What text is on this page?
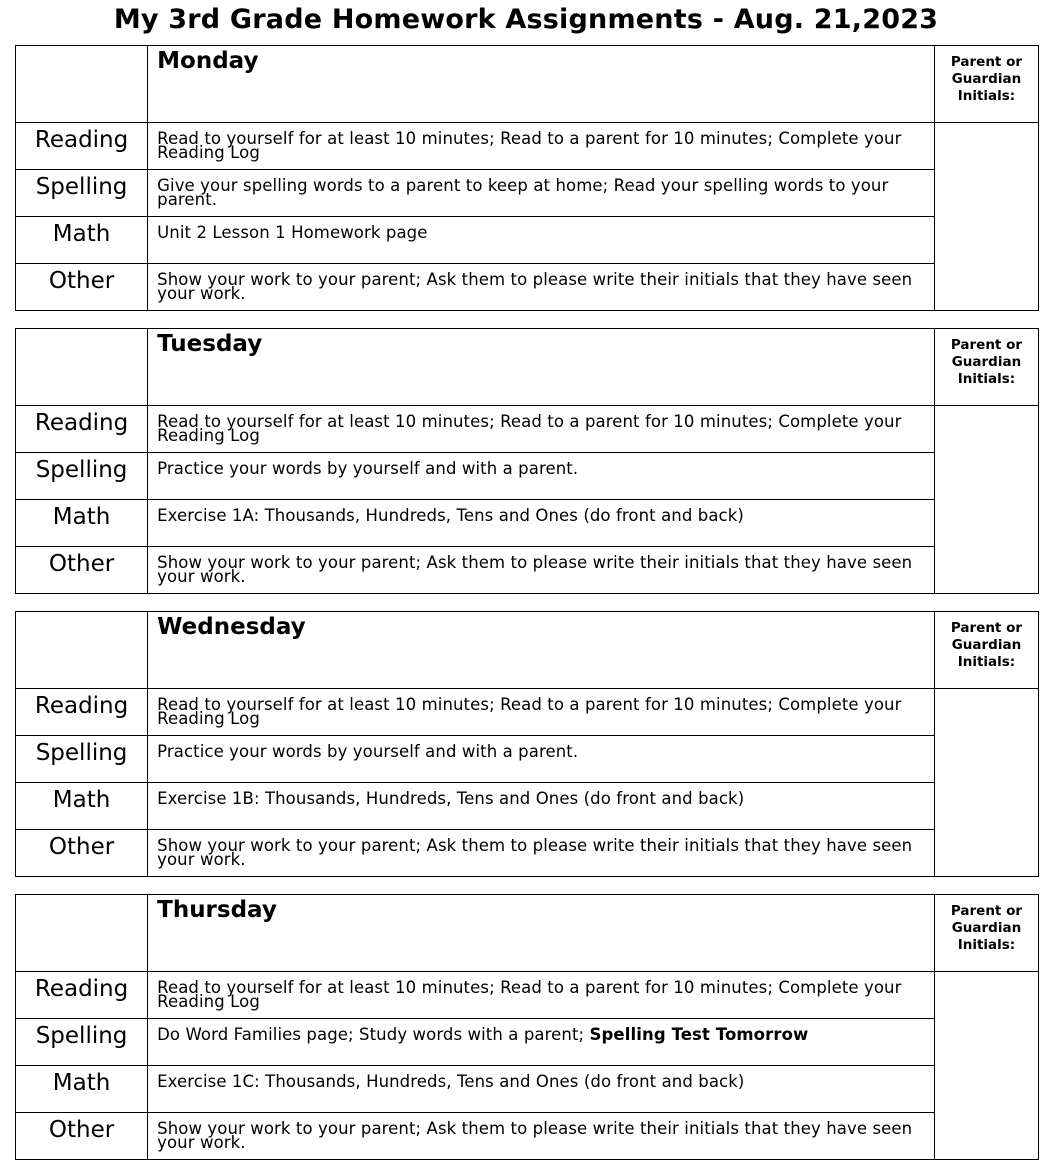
My 3rd Grade Homework Assignments - Aug. 21,2023

	Monday	Parent or Guardian Initials:

Reading	Read to yourself for at least 10 minutes; Read to a parent for 10 minutes; Complete your Reading Log	

Spelling	Give your spelling words to a parent to keep at home; Read your spelling words to your parent.	

Math	Unit 2 Lesson 1 Homework page	

Other	Show your work to your parent; Ask them to please write their initials that they have seen your work.	

	Tuesday	Parent or Guardian Initials:

Reading	Read to yourself for at least 10 minutes; Read to a parent for 10 minutes; Complete your Reading Log	

Spelling	Practice your words by yourself and with a parent.	

Math	Exercise 1A: Thousands, Hundreds, Tens and Ones (do front and back)	

Other	Show your work to your parent; Ask them to please write their initials that they have seen your work.	

	Wednesday	Parent or Guardian Initials:

Reading	Read to yourself for at least 10 minutes; Read to a parent for 10 minutes; Complete your Reading Log	

Spelling	Practice your words by yourself and with a parent.	

Math	Exercise 1B: Thousands, Hundreds, Tens and Ones (do front and back)	

Other	Show your work to your parent; Ask them to please write their initials that they have seen your work.	

	Thursday	Parent or Guardian Initials:

Reading	Read to yourself for at least 10 minutes; Read to a parent for 10 minutes; Complete your Reading Log	

Spelling	Do Word Families page; Study words with a parent; Spelling Test Tomorrow	

Math	Exercise 1C: Thousands, Hundreds, Tens and Ones (do front and back)	

Other	Show your work to your parent; Ask them to please write their initials that they have seen your work.	
